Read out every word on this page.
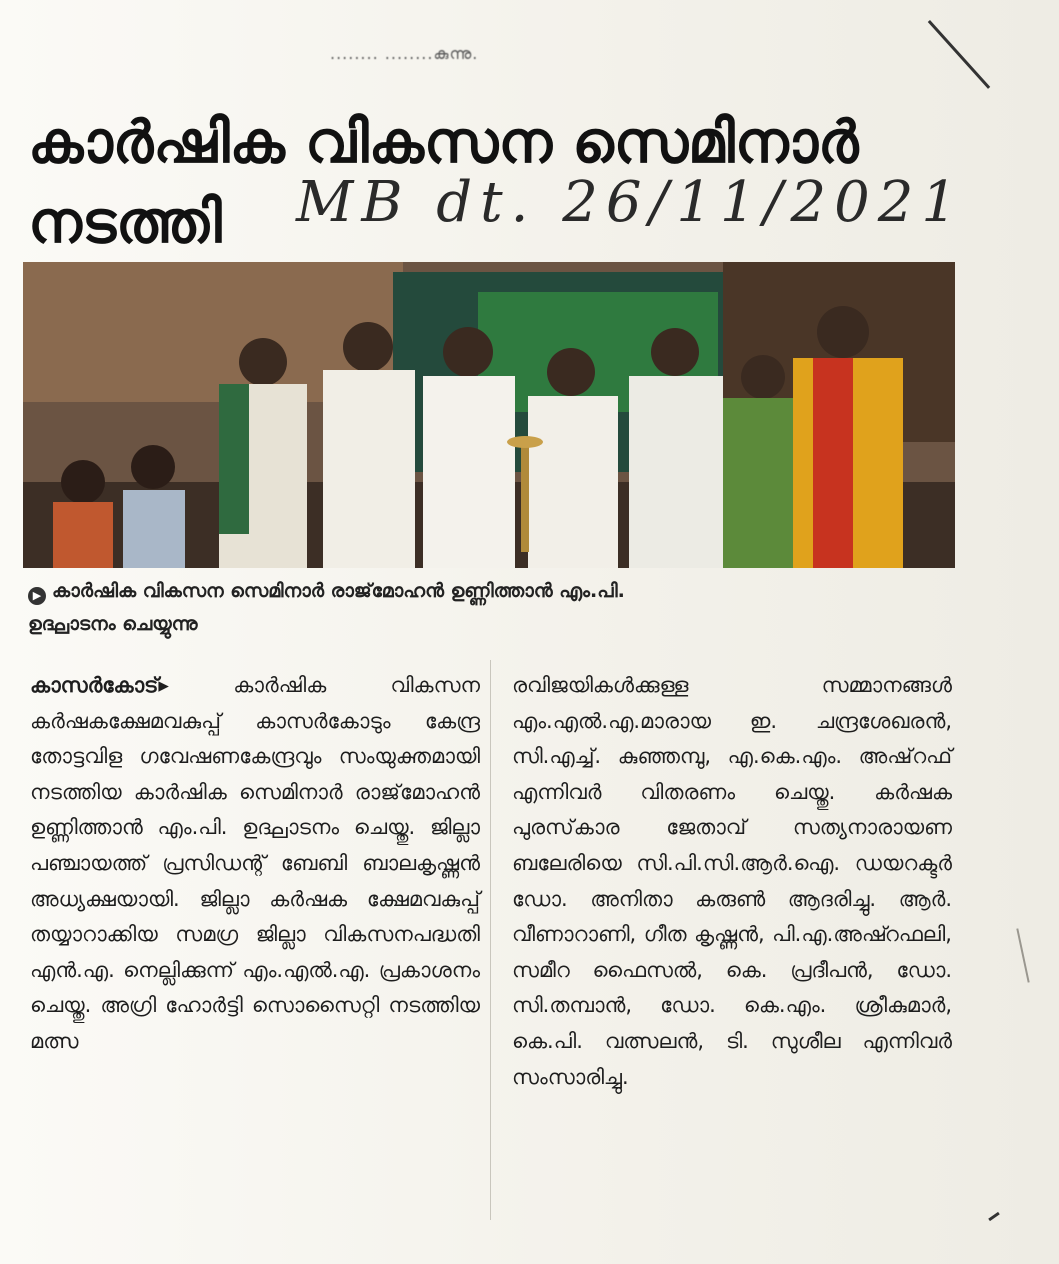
........ ........കുന്നു.
കാർഷിക വികസന സെമിനാർ
നടത്തി MB dt. 26/11/2021
▶ കാർഷിക വികസന സെമിനാർ രാജ്‌മോഹൻ ഉണ്ണിത്താൻ എം.പി.
ഉദ്ഘാടനം ചെയ്യുന്നു
കാസർകോട്▸	കാർഷിക വികസന കർഷകക്ഷേമവകുപ്പ് കാസർകോടും കേന്ദ്ര തോട്ടവിള ഗവേഷണകേന്ദ്രവും സംയുക്തമായി നടത്തിയ കാർഷിക സെമിനാർ രാജ്‌മോഹൻ ഉണ്ണിത്താൻ എം.പി. ഉദ്ഘാടനം ചെയ്തു. ജില്ലാ പഞ്ചായത്ത് പ്രസിഡന്റ് ബേബി ബാലകൃഷ്ണൻ അധ്യക്ഷയായി. ജില്ലാ കർഷക ക്ഷേമവകുപ്പ് തയ്യാറാക്കിയ സമഗ്ര ജില്ലാ വികസനപദ്ധതി എൻ.എ. നെല്ലിക്കുന്ന് എം.എൽ.എ. പ്രകാശനം ചെയ്തു. അഗ്രി ഹോർട്ടി സൊസൈറ്റി നടത്തിയ മത്സ
രവിജയികൾക്കുള്ള സമ്മാനങ്ങൾ എം.എൽ.എ.മാരായ ഇ. ചന്ദ്രശേഖരൻ, സി.എച്ച്. കുഞ്ഞമ്പു, എ.കെ.എം. അഷ്‌റഫ് എന്നിവർ വിതരണം ചെയ്തു. കർഷക പുരസ്‌കാര ജേതാവ് സത്യനാരായണ ബലേരിയെ സി.പി.സി.ആർ.ഐ. ഡയറക്ടർ ഡോ. അനിതാ കരുൺ ആദരിച്ചു. ആർ. വീണാറാണി, ഗീത കൃഷ്ണൻ, പി.എ.അഷ്റഫലി, സമീറ ഫൈസൽ, കെ. പ്രദീപൻ, ഡോ. സി.തമ്പാൻ, ഡോ. കെ.എം. ശ്രീകുമാർ, കെ.പി. വത്സലൻ, ടി. സുശീല എന്നിവർ സംസാരിച്ചു.
